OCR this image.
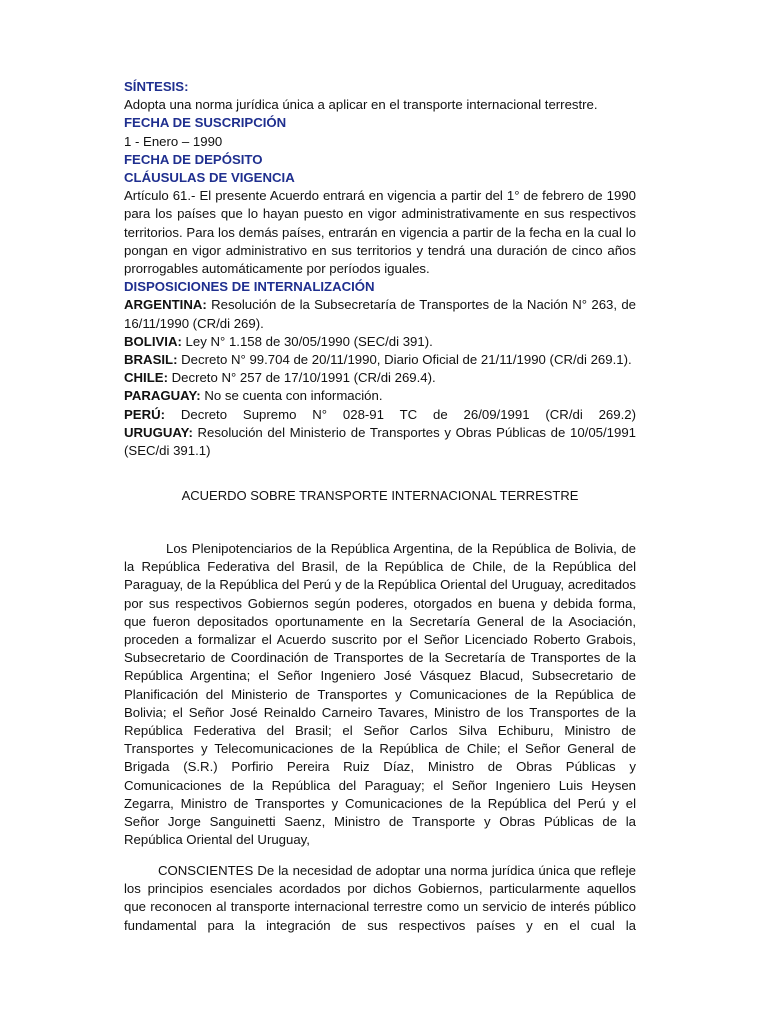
SÍNTESIS:
Adopta una norma jurídica única a aplicar en el transporte internacional terrestre.
FECHA DE SUSCRIPCIÓN
1 - Enero – 1990
FECHA DE DEPÓSITO
CLÁUSULAS DE VIGENCIA
Artículo 61.- El presente Acuerdo entrará en vigencia a partir del 1° de febrero de 1990 para los países que lo hayan puesto en vigor administrativamente en sus respectivos territorios. Para los demás países, entrarán en vigencia a partir de la fecha en la cual lo pongan en vigor administrativo en sus territorios y tendrá una duración de cinco años prorrogables automáticamente por períodos iguales.
DISPOSICIONES DE INTERNALIZACIÓN
ARGENTINA: Resolución de la Subsecretaría de Transportes de la Nación N° 263, de 16/11/1990 (CR/di 269).
BOLIVIA: Ley N° 1.158 de 30/05/1990 (SEC/di 391).
BRASIL: Decreto N° 99.704 de 20/11/1990, Diario Oficial de 21/11/1990 (CR/di 269.1).
CHILE: Decreto N° 257 de 17/10/1991 (CR/di 269.4).
PARAGUAY: No se cuenta con información.
PERÚ: Decreto Supremo N° 028-91 TC de 26/09/1991 (CR/di 269.2)
URUGUAY: Resolución del Ministerio de Transportes y Obras Públicas de 10/05/1991 (SEC/di 391.1)
ACUERDO SOBRE TRANSPORTE INTERNACIONAL TERRESTRE
Los Plenipotenciarios de la República Argentina, de la República de Bolivia, de la República Federativa del Brasil, de la República de Chile, de la República del Paraguay, de la República del Perú y de la República Oriental del Uruguay, acreditados por sus respectivos Gobiernos según poderes, otorgados en buena y debida forma, que fueron depositados oportunamente en la Secretaría General de la Asociación, proceden a formalizar el Acuerdo suscrito por el Señor Licenciado Roberto Grabois, Subsecretario de Coordinación de Transportes de la Secretaría de Transportes de la República Argentina; el Señor Ingeniero José Vásquez Blacud, Subsecretario de Planificación del Ministerio de Transportes y Comunicaciones de la República de Bolivia; el Señor José Reinaldo Carneiro Tavares, Ministro de los Transportes de la República Federativa del Brasil; el Señor Carlos Silva Echiburu, Ministro de Transportes y Telecomunicaciones de la República de Chile; el Señor General de Brigada (S.R.) Porfirio Pereira Ruiz Díaz, Ministro de Obras Públicas y Comunicaciones de la República del Paraguay; el Señor Ingeniero Luis Heysen Zegarra, Ministro de Transportes y Comunicaciones de la República del Perú y el Señor Jorge Sanguinetti Saenz, Ministro de Transporte y Obras Públicas de la República Oriental del Uruguay,
CONSCIENTES De la necesidad de adoptar una norma jurídica única que refleje los principios esenciales acordados por dichos Gobiernos, particularmente aquellos que reconocen al transporte internacional terrestre como un servicio de interés público fundamental para la integración de sus respectivos países y en el cual la
